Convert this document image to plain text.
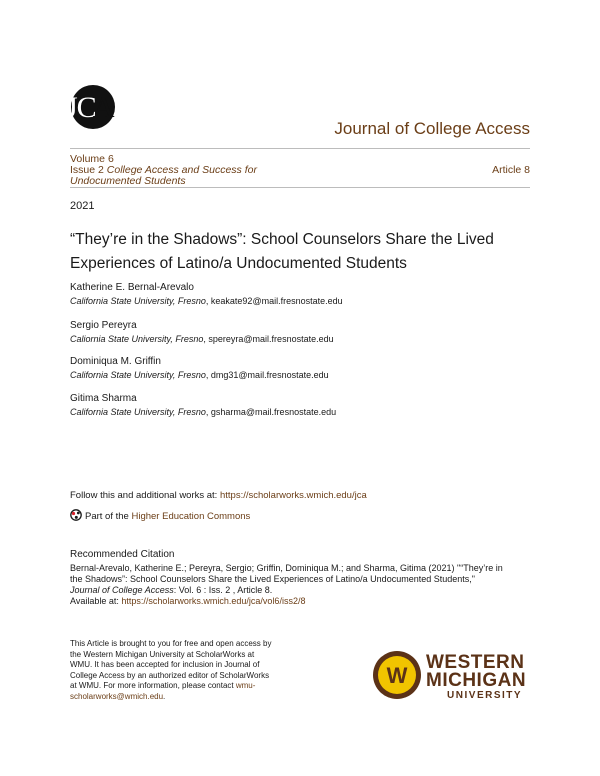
JCA
Journal of College Access
Volume 6
Issue 2 College Access and Success for
Undocumented Students
Article 8
2021
“They’re in the Shadows”: School Counselors Share the Lived Experiences of Latino/a Undocumented Students
Katherine E. Bernal-Arevalo
California State University, Fresno, keakate92@mail.fresnostate.edu
Sergio Pereyra
Caliornia State University, Fresno, spereyra@mail.fresnostate.edu
Dominiqua M. Griffin
California State University, Fresno, dmg31@mail.fresnostate.edu
Gitima Sharma
California State University, Fresno, gsharma@mail.fresnostate.edu
Follow this and additional works at: https://scholarworks.wmich.edu/jca
Part of the Higher Education Commons
Recommended Citation
Bernal-Arevalo, Katherine E.; Pereyra, Sergio; Griffin, Dominiqua M.; and Sharma, Gitima (2021) "“They’re in
the Shadows”: School Counselors Share the Lived Experiences of Latino/a Undocumented Students,"
Journal of College Access: Vol. 6 : Iss. 2 , Article 8.
Available at: https://scholarworks.wmich.edu/jca/vol6/iss2/8
This Article is brought to you for free and open access by
the Western Michigan University at ScholarWorks at
WMU. It has been accepted for inclusion in Journal of
College Access by an authorized editor of ScholarWorks
at WMU. For more information, please contact wmu-
scholarworks@wmich.edu.
W
WESTERN
MICHIGAN
UNIVERSITY
